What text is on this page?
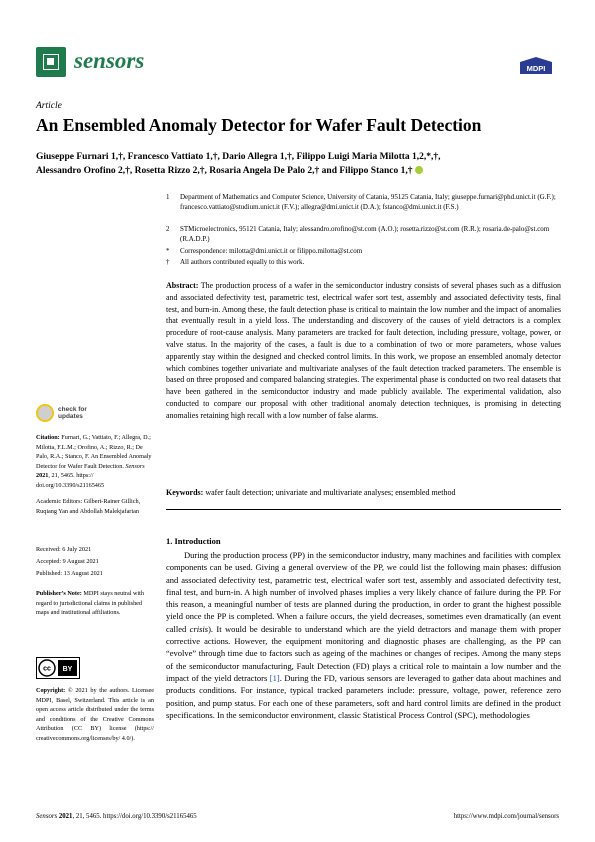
sensors	MDPI
Article
An Ensembled Anomaly Detector for Wafer Fault Detection
Giuseppe Furnari 1,†, Francesco Vattiato 1,†, Dario Allegra 1,†, Filippo Luigi Maria Milotta 1,2,*,†,
Alessandro Orofino 2,†, Rosetta Rizzo 2,†, Rosaria Angela De Palo 2,† and Filippo Stanco 1,†
1	Department of Mathematics and Computer Science, University of Catania, 95125 Catania, Italy; giuseppe.furnari@phd.unict.it (G.F.); francesco.vattiato@studium.unict.it (F.V.); allegra@dmi.unict.it (D.A.); fstanco@dmi.unict.it (F.S.)
2	STMicroelectronics, 95121 Catania, Italy; alessandro.orofino@st.com (A.O.); rosetta.rizzo@st.com (R.R.); rosaria.de-palo@st.com (R.A.D.P.)
*	Correspondence: milotta@dmi.unict.it or filippo.milotta@st.com
†	All authors contributed equally to this work.
Abstract: The production process of a wafer in the semiconductor industry consists of several phases such as a diffusion and associated defectivity test, parametric test, electrical wafer sort test, assembly and associated defectivity tests, final test, and burn-in. Among these, the fault detection phase is critical to maintain the low number and the impact of anomalies that eventually result in a yield loss. The understanding and discovery of the causes of yield detractors is a complex procedure of root-cause analysis. Many parameters are tracked for fault detection, including pressure, voltage, power, or valve status. In the majority of the cases, a fault is due to a combination of two or more parameters, whose values apparently stay within the designed and checked control limits. In this work, we propose an ensembled anomaly detector which combines together univariate and multivariate analyses of the fault detection tracked parameters. The ensemble is based on three proposed and compared balancing strategies. The experimental phase is conducted on two real datasets that have been gathered in the semiconductor industry and made publicly available. The experimental validation, also conducted to compare our proposal with other traditional anomaly detection techniques, is promising in detecting anomalies retaining high recall with a low number of false alarms.
Keywords: wafer fault detection; univariate and multivariate analyses; ensembled method
check for
updates
Citation: Furnari, G.; Vattiato, F.; Allegra, D.; Milotta, F.L.M.; Orofino, A.; Rizzo, R.; De Palo, R.A.; Stanco, F. An Ensembled Anomaly Detector for Wafer Fault Detection. Sensors 2021, 21, 5465. https:// doi.org/10.3390/s21165465
Academic Editors: Gilbert-Rainer Gillich, Ruqiang Yan and Abdollah Malekjafarian
Received: 6 July 2021
Accepted: 9 August 2021
Published: 13 August 2021
Publisher’s Note: MDPI stays neutral with regard to jurisdictional claims in published maps and institutional affiliations.
cc BY
Copyright: © 2021 by the authors. Licensee MDPI, Basel, Switzerland. This article is an open access article distributed under the terms and conditions of the Creative Commons Attribution (CC BY) license (https:// creativecommons.org/licenses/by/ 4.0/).
1. Introduction
During the production process (PP) in the semiconductor industry, many machines and facilities with complex components can be used. Giving a general overview of the PP, we could list the following main phases: diffusion and associated defectivity test, parametric test, electrical wafer sort test, assembly and associated defectivity test, final test, and burn-in. A high number of involved phases implies a very likely chance of failure during the PP. For this reason, a meaningful number of tests are planned during the production, in order to grant the highest possible yield once the PP is completed. When a failure occurs, the yield decreases, sometimes even dramatically (an event called crisis). It would be desirable to understand which are the yield detractors and manage them with proper corrective actions. However, the equipment monitoring and diagnostic phases are challenging, as the PP can “evolve” through time due to factors such as ageing of the machines or changes of recipes. Among the many steps of the semiconductor manufacturing, Fault Detection (FD) plays a critical role to maintain a low number and the impact of the yield detractors [1]. During the FD, various sensors are leveraged to gather data about machines and products conditions. For instance, typical tracked parameters include: pressure, voltage, power, reference zero position, and pump status. For each one of these parameters, soft and hard control limits are defined in the product specifications. In the semiconductor environment, classic Statistical Process Control (SPC), methodologies
Sensors 2021, 21, 5465. https://doi.org/10.3390/s21165465	https://www.mdpi.com/journal/sensors
